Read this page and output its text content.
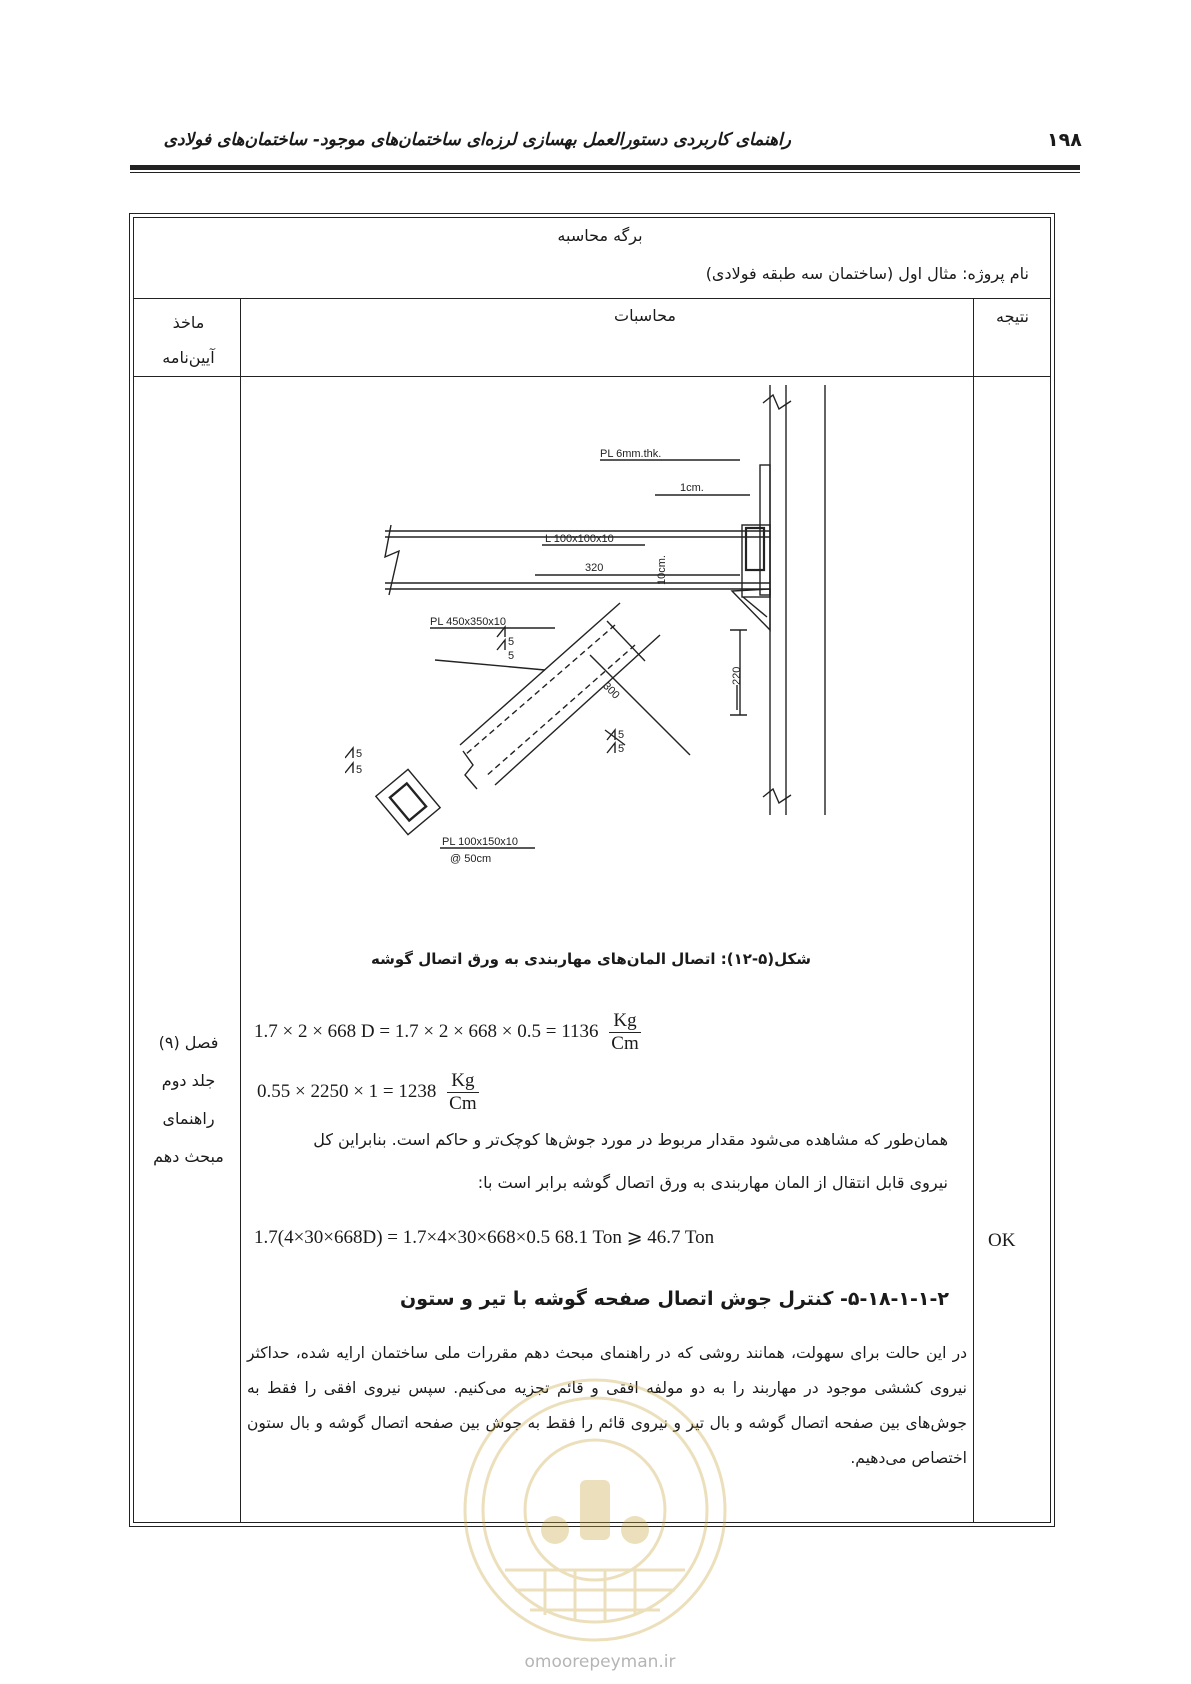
راهنمای کاربردی دستورالعمل بهسازی لرزه‌ای ساختمان‌های موجود- ساختمان‌های فولادی	۱۹۸
برگه محاسبه
نام پروژه: مثال اول (ساختمان سه طبقه فولادی)
نتیجه
محاسبات
ماخذ
آیین‌نامه
فصل (۹)
جلد دوم
راهنمای
مبحث دهم
PL 6mm.thk.
1cm.
L 100x100x10
10cm.
320
PL 450x350x10
5
5
300
220
5
5
5
5
PL 100x150x10
@ 50cm
شکل(۵-۱۲): اتصال المان‌های مهاربندی به ورق اتصال گوشه
1.7 × 2 × 668 $D = 1.7 \times 2 \times 668 \times 0.5 = 1136 \frac{Kg}{Cm}$
$0.55 \times 2250 \times 1 = 1238 \frac{Kg}{Cm}$
همان‌طور که مشاهده می‌شود مقدار مربوط در مورد جوش‌ها کوچک‌تر و حاکم است. بنابراین کل
نیروی قابل انتقال از المان مهاربندی به ورق اتصال گوشه برابر است با:
1.7(4×30×668D) = 1.7×4×30×668×0.5 68.1 Ton ⩾ 46.7 Ton
۵-۱۸-۱-۱-۲- کنترل جوش اتصال صفحه گوشه با تیر و ستون
در این حالت برای سهولت، همانند روشی که در راهنمای مبحث دهم مقررات ملی ساختمان ارایه شده، حداکثر نیروی کششی موجود در مهاربند را به دو مولفه افقی و قائم تجزیه می‌کنیم. سپس نیروی افقی را فقط به جوش‌های بین صفحه اتصال گوشه و بال تیر و نیروی قائم را فقط به جوش بین صفحه اتصال گوشه و بال ستون اختصاص می‌دهیم.
OK
omoorepeyman.ir
